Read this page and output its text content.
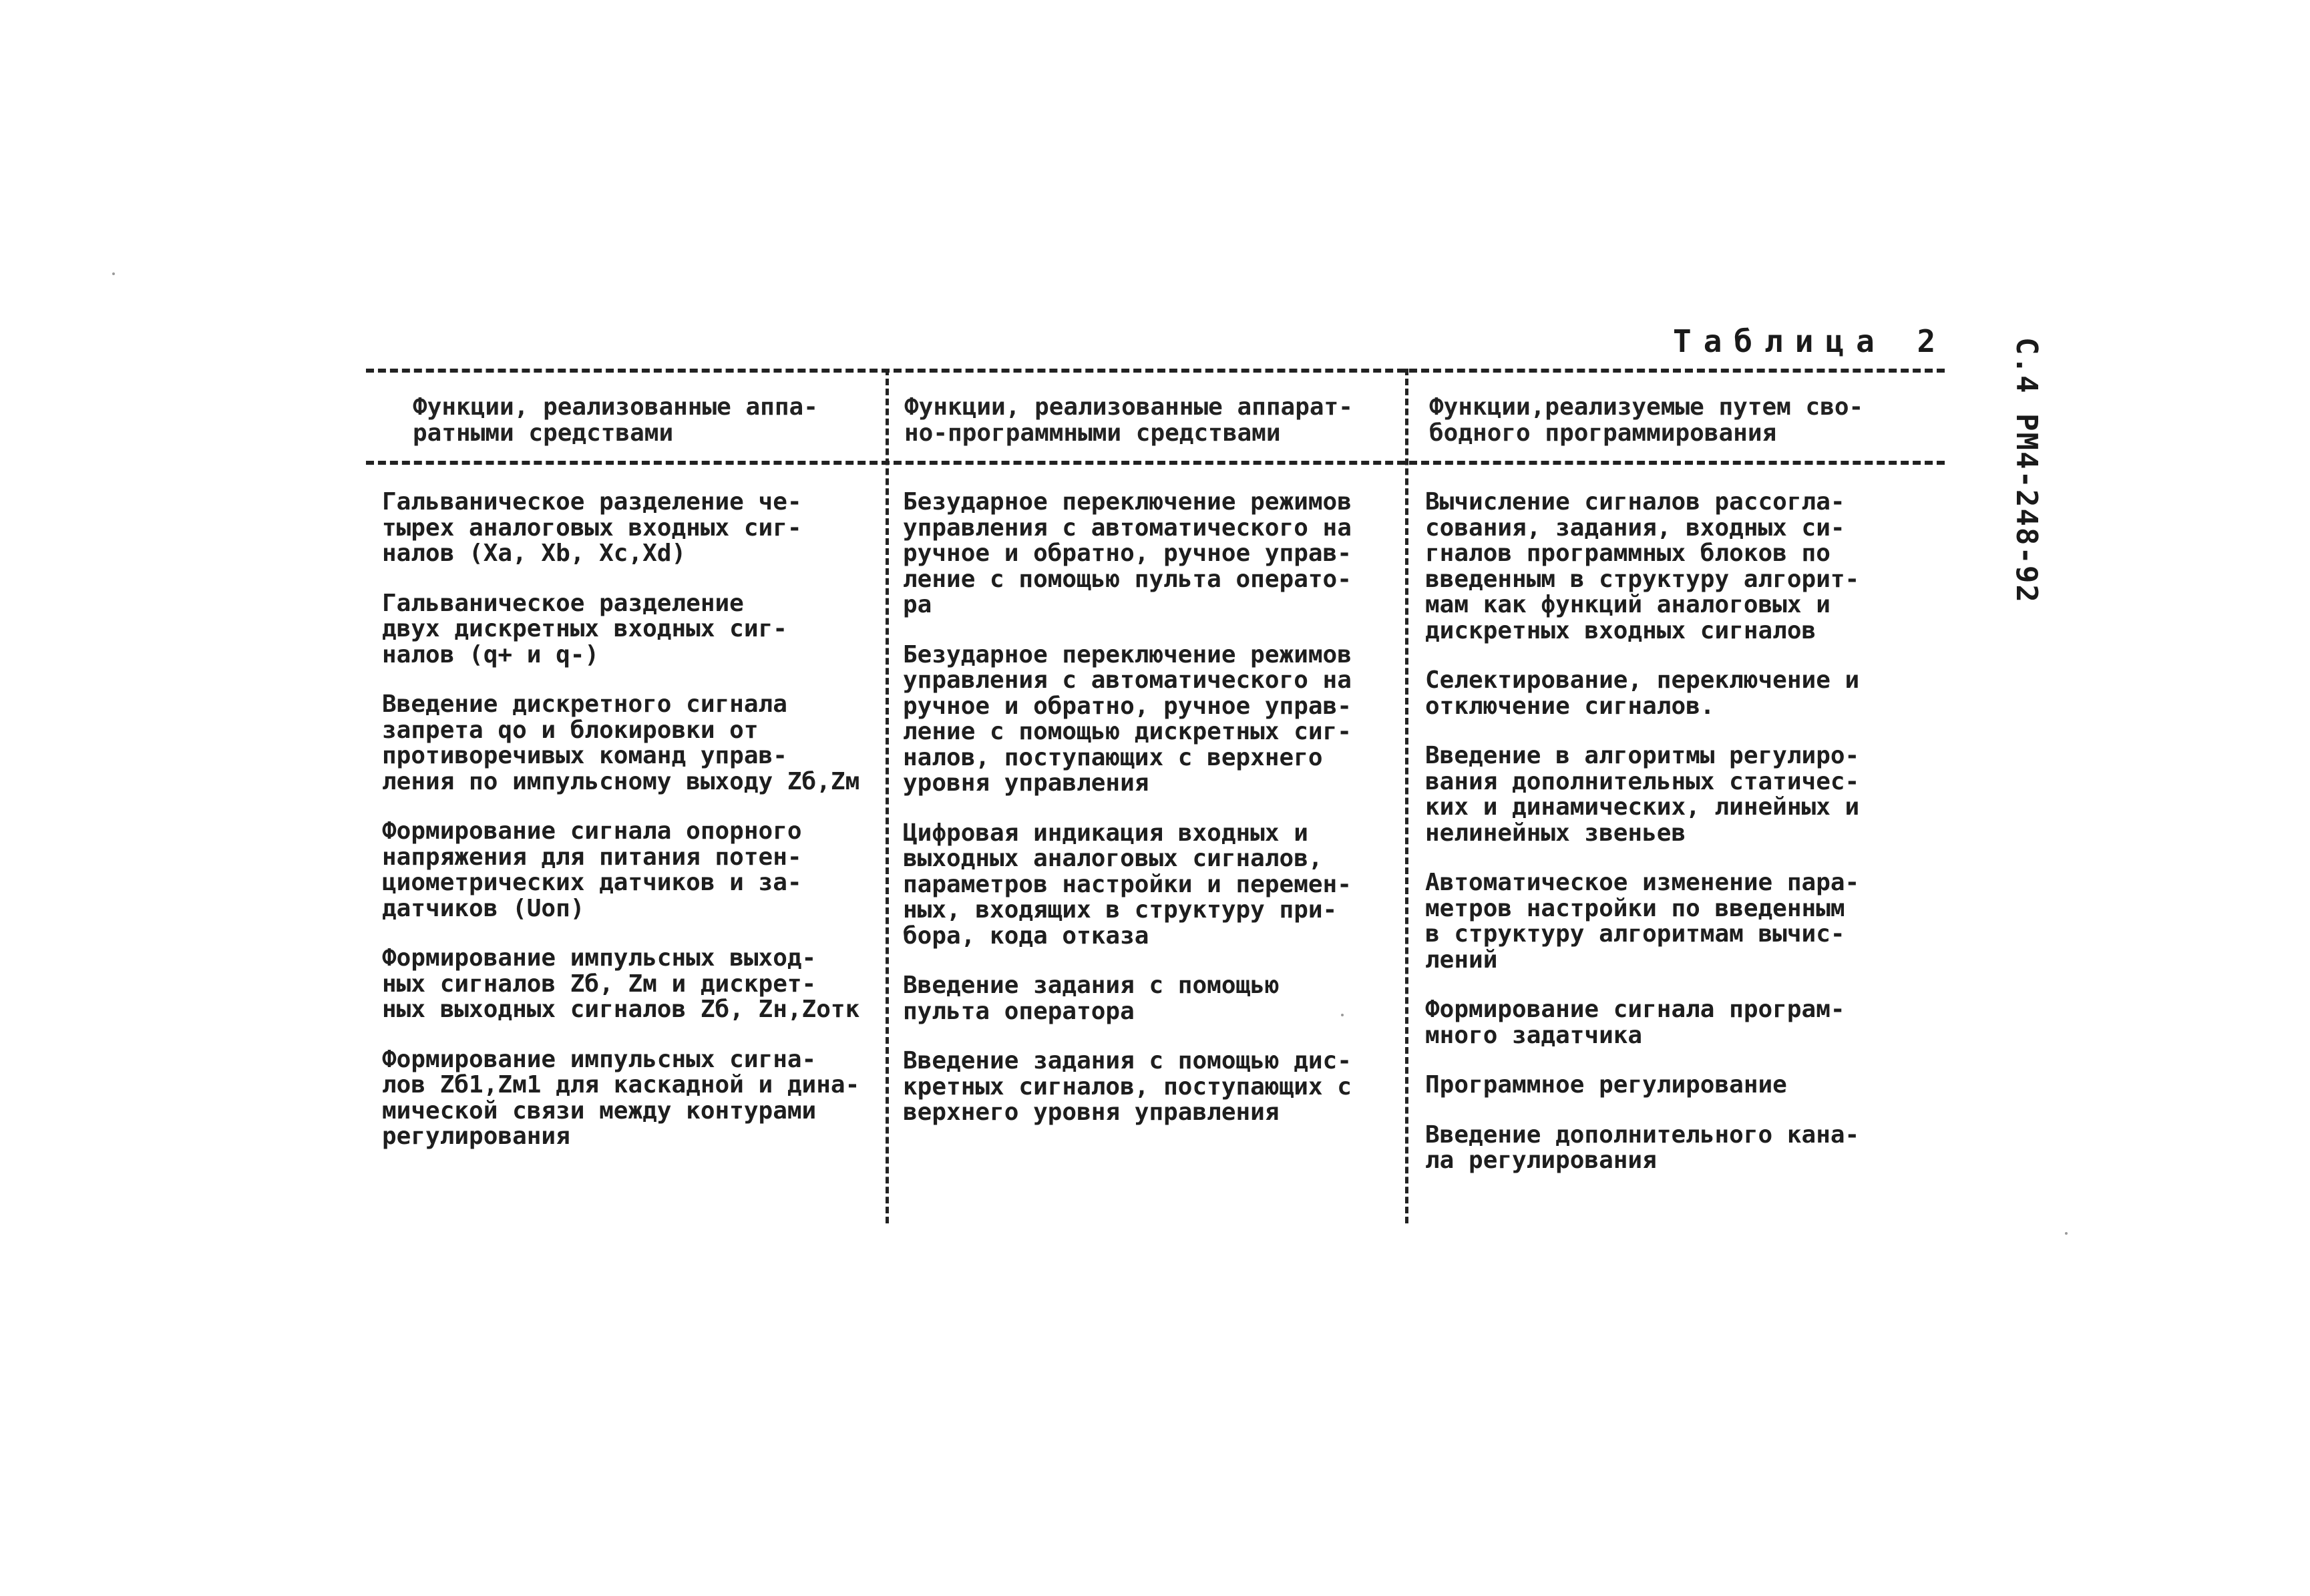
С.4 РМ4-248-92
Таблица 2
Функции, реализованные аппа-
ратными средствами
Функции, реализованные аппарат-
но-программными средствами
Функции,реализуемые путем сво-
бодного программирования
Гальваническое разделение че-
тырех аналоговых входных сиг-
налов (Xa, Xb, Xc,Xd)
Гальваническое разделение
двух дискретных входных сиг-
налов (q+ и q-)
Введение дискретного сигнала
запрета qо и блокировки от
противоречивых команд управ-
ления по импульсному выходу Zб,Zм
Формирование сигнала опорного
напряжения для питания потен-
циометрических датчиков и за-
датчиков (Uоп)
Формирование импульсных выход-
ных сигналов Zб, Zм и дискрет-
ных выходных сигналов Zб, Zн,Zотк
Формирование импульсных сигна-
лов Zб1,Zм1 для каскадной и дина-
мической связи между контурами
регулирования
Безударное переключение режимов
управления с автоматического на
ручное и обратно, ручное управ-
ление с помощью пульта операто-
ра
Безударное переключение режимов
управления с автоматического на
ручное и обратно, ручное управ-
ление с помощью дискретных сиг-
налов, поступающих с верхнего
уровня управления
Цифровая индикация входных и
выходных аналоговых сигналов,
параметров настройки и перемен-
ных, входящих в структуру при-
бора, кода отказа
Введение задания с помощью
пульта оператора
Введение задания с помощью дис-
кретных сигналов, поступающих с
верхнего уровня управления
Вычисление сигналов рассогла-
сования, задания, входных си-
гналов программных блоков по
введенным в структуру алгорит-
мам как функций аналоговых и
дискретных входных сигналов
Селектирование, переключение и
отключение сигналов.
Введение в алгоритмы регулиро-
вания дополнительных статичес-
ких и динамических, линейных и
нелинейных звеньев
Автоматическое изменение пара-
метров настройки по введенным
в структуру алгоритмам вычис-
лений
Формирование сигнала програм-
много задатчика
Программное регулирование
Введение дополнительного кана-
ла регулирования
